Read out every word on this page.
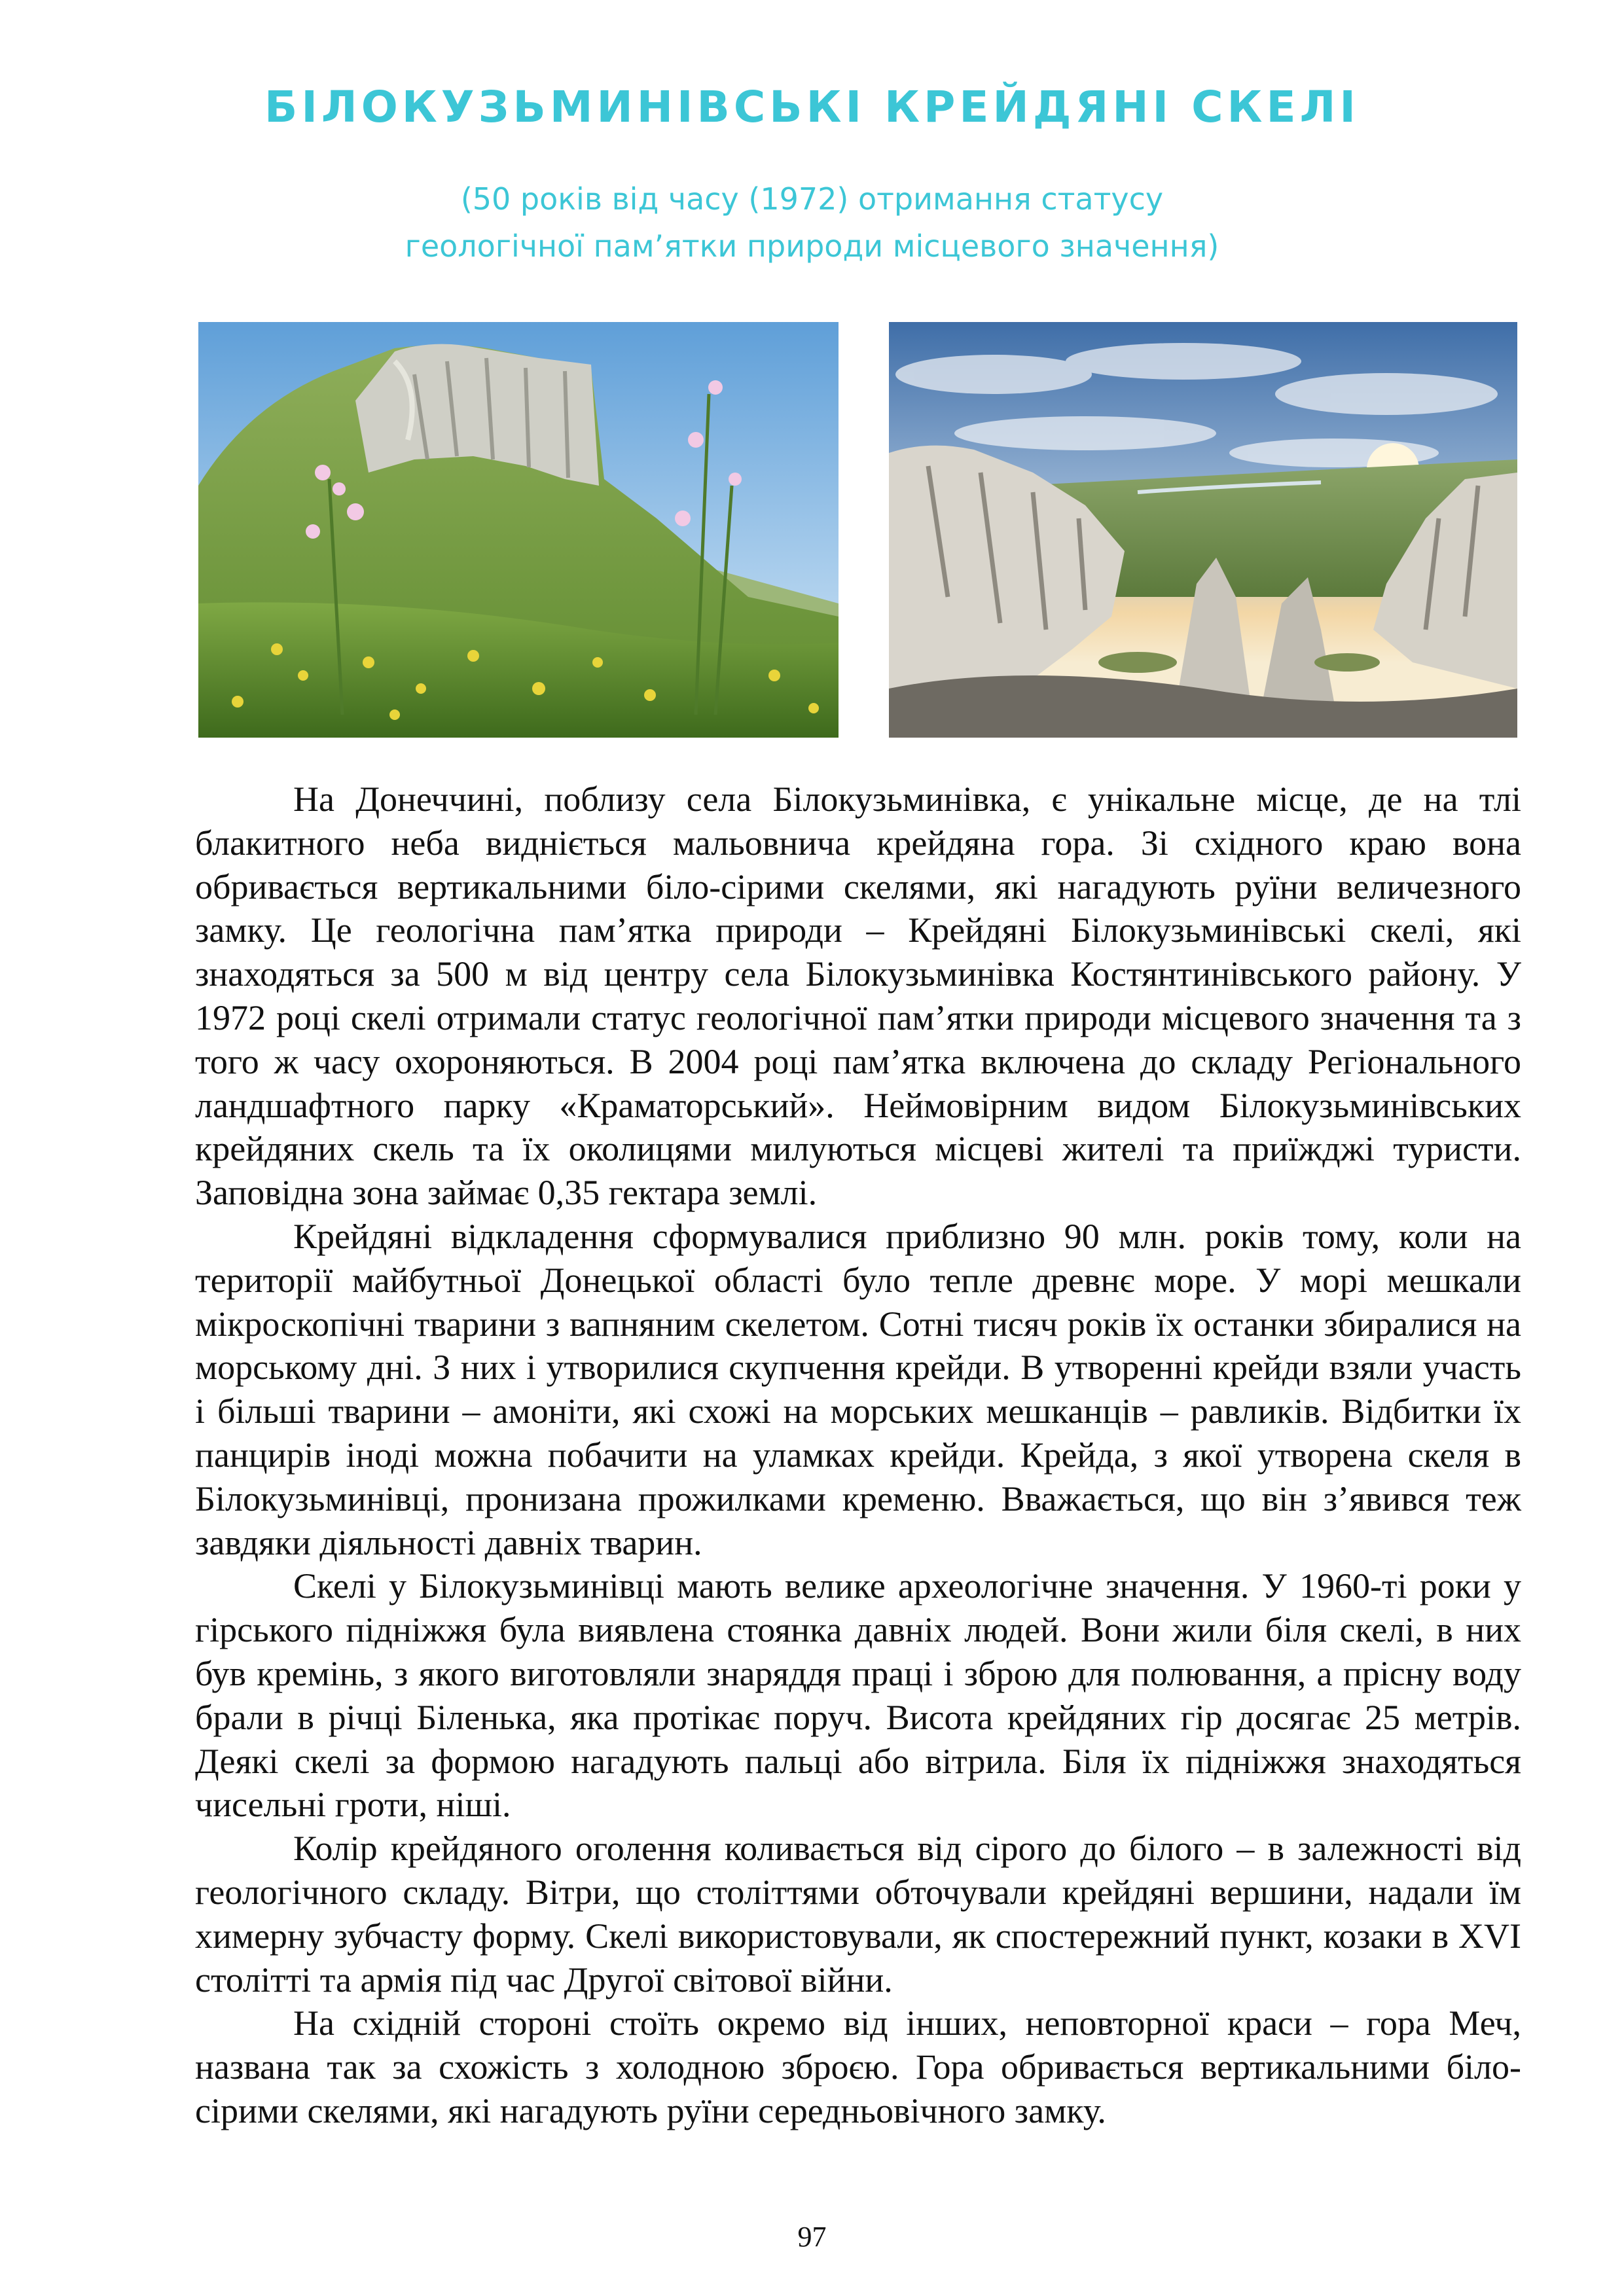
БІЛОКУЗЬМИНІВСЬКІ КРЕЙДЯНІ СКЕЛІ
(50 років від часу (1972) отримання статусу
геологічної пам’ятки природи місцевого значення)

На Донеччині, поблизу села Білокузьминівка, є унікальне місце, де на тлі блакитного неба видніється мальовнича крейдяна гора. Зі східного краю вона обривається вертикальними біло-сірими скелями, які нагадують руїни величезного замку. Це геологічна пам’ятка природи – Крейдяні Білокузьминівські скелі, які знаходяться за 500 м від центру села Білокузьминівка Костянтинівського району. У 1972 році скелі отримали статус геологічної пам’ятки природи місцевого значення та з того ж часу охороняються. В 2004 році пам’ятка включена до складу Регіонального ландшафтного парку «Краматорський». Неймовірним видом Білокузьминівських крейдяних скель та їх околицями милуються місцеві жителі та приїжджі туристи. Заповідна зона займає 0,35 гектара землі.

Крейдяні відкладення сформувалися приблизно 90 млн. років тому, коли на території майбутньої Донецької області було тепле древнє море. У морі мешкали мікроскопічні тварини з вапняним скелетом. Сотні тисяч років їх останки збиралися на морському дні. З них і утворилися скупчення крейди. В утворенні крейди взяли участь і більші тварини – амоніти, які схожі на морських мешканців – равликів. Відбитки їх панцирів іноді можна побачити на уламках крейди. Крейда, з якої утворена скеля в Білокузьминівці, пронизана прожилками кременю. Вважається, що він з’явився теж завдяки діяльності давніх тварин.

Скелі у Білокузьминівці мають велике археологічне значення. У 1960-ті роки у гірського підніжжя була виявлена стоянка давніх людей. Вони жили біля скелі, в них був кремінь, з якого виготовляли знаряддя праці і зброю для полювання, а прісну воду брали в річці Біленька, яка протікає поруч. Висота крейдяних гір досягає 25 метрів. Деякі скелі за формою нагадують пальці або вітрила. Біля їх підніжжя знаходяться чисельні гроти, ніші.

Колір крейдяного оголення коливається від сірого до білого – в залежності від геологічного складу. Вітри, що століттями обточували крейдяні вершини, надали їм химерну зубчасту форму. Скелі використовували, як спостережний пункт, козаки в XVI столітті та армія під час Другої світової війни.

На східній стороні стоїть окремо від інших, неповторної краси – гора Меч, названа так за схожість з холодною зброєю. Гора обривається вертикальними біло-сірими скелями, які нагадують руїни середньовічного замку.

97
